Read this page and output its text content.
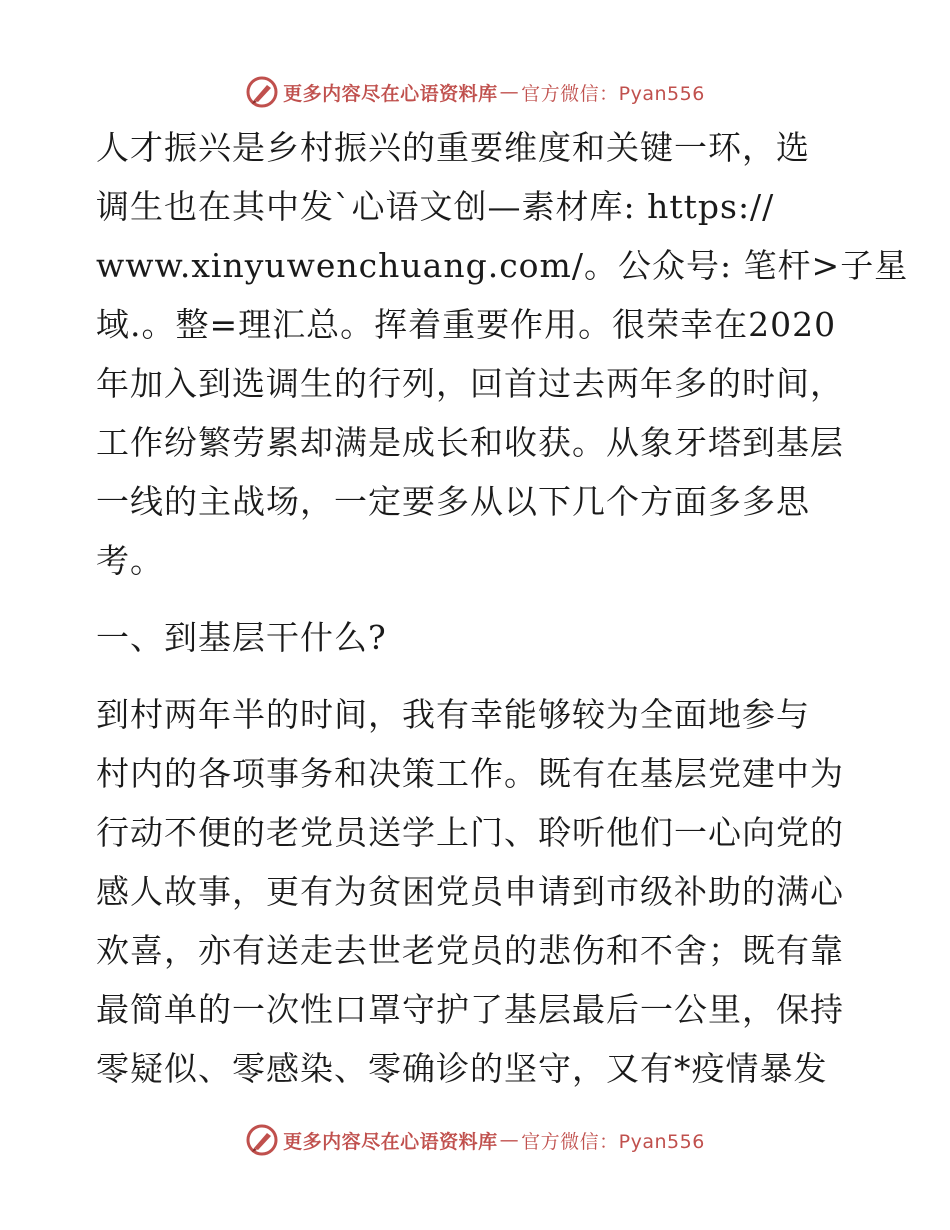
更多内容尽在心语资料库 — 官方微信：Pyan556
人才振兴是乡村振兴的重要维度和关键一环，选
调生也在其中发`心语文创—素材库: https://
www.xinyuwenchuang.com/。公众号: 笔杆>子星
域.。整=理汇总。挥着重要作用。很荣幸在2020
年加入到选调生的行列，回首过去两年多的时间，
工作纷繁劳累却满是成长和收获。从象牙塔到基层
一线的主战场，一定要多从以下几个方面多多思
考。
一、到基层干什么?
到村两年半的时间，我有幸能够较为全面地参与
村内的各项事务和决策工作。既有在基层党建中为
行动不便的老党员送学上门、聆听他们一心向党的
感人故事，更有为贫困党员申请到市级补助的满心
欢喜，亦有送走去世老党员的悲伤和不舍；既有靠
最简单的一次性口罩守护了基层最后一公里，保持
零疑似、零感染、零确诊的坚守，又有*疫情暴发
更多内容尽在心语资料库 — 官方微信：Pyan556
